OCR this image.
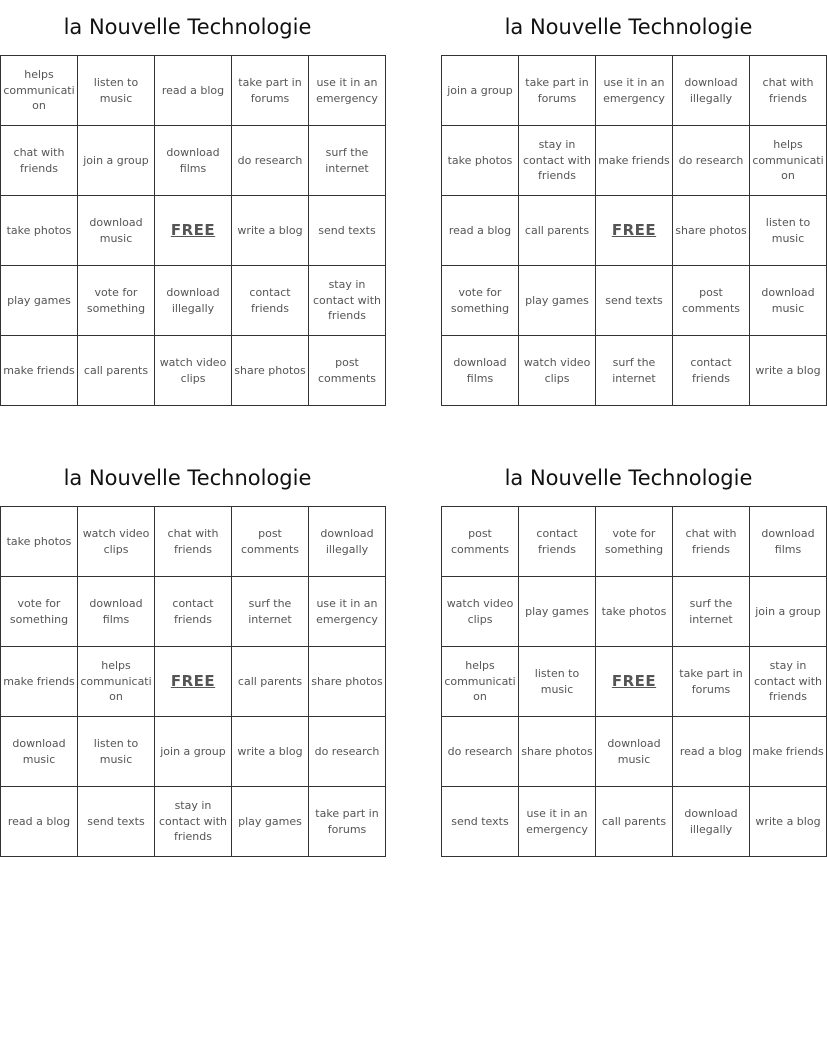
la Nouvelle Technologie
helps communication	listen to music	read a blog	take part in forums	use it in an emergency
chat with friends	join a group	download films	do research	surf the internet
take photos	download music	FREE	write a blog	send texts
play games	vote for something	download illegally	contact friends	stay in contact with friends
make friends	call parents	watch video clips	share photos	post comments
la Nouvelle Technologie
join a group	take part in forums	use it in an emergency	download illegally	chat with friends
take photos	stay in contact with friends	make friends	do research	helps communication
read a blog	call parents	FREE	share photos	listen to music
vote for something	play games	send texts	post comments	download music
download films	watch video clips	surf the internet	contact friends	write a blog
la Nouvelle Technologie
take photos	watch video clips	chat with friends	post comments	download illegally
vote for something	download films	contact friends	surf the internet	use it in an emergency
make friends	helps communication	FREE	call parents	share photos
download music	listen to music	join a group	write a blog	do research
read a blog	send texts	stay in contact with friends	play games	take part in forums
la Nouvelle Technologie
post comments	contact friends	vote for something	chat with friends	download films
watch video clips	play games	take photos	surf the internet	join a group
helps communication	listen to music	FREE	take part in forums	stay in contact with friends
do research	share photos	download music	read a blog	make friends
send texts	use it in an emergency	call parents	download illegally	write a blog
